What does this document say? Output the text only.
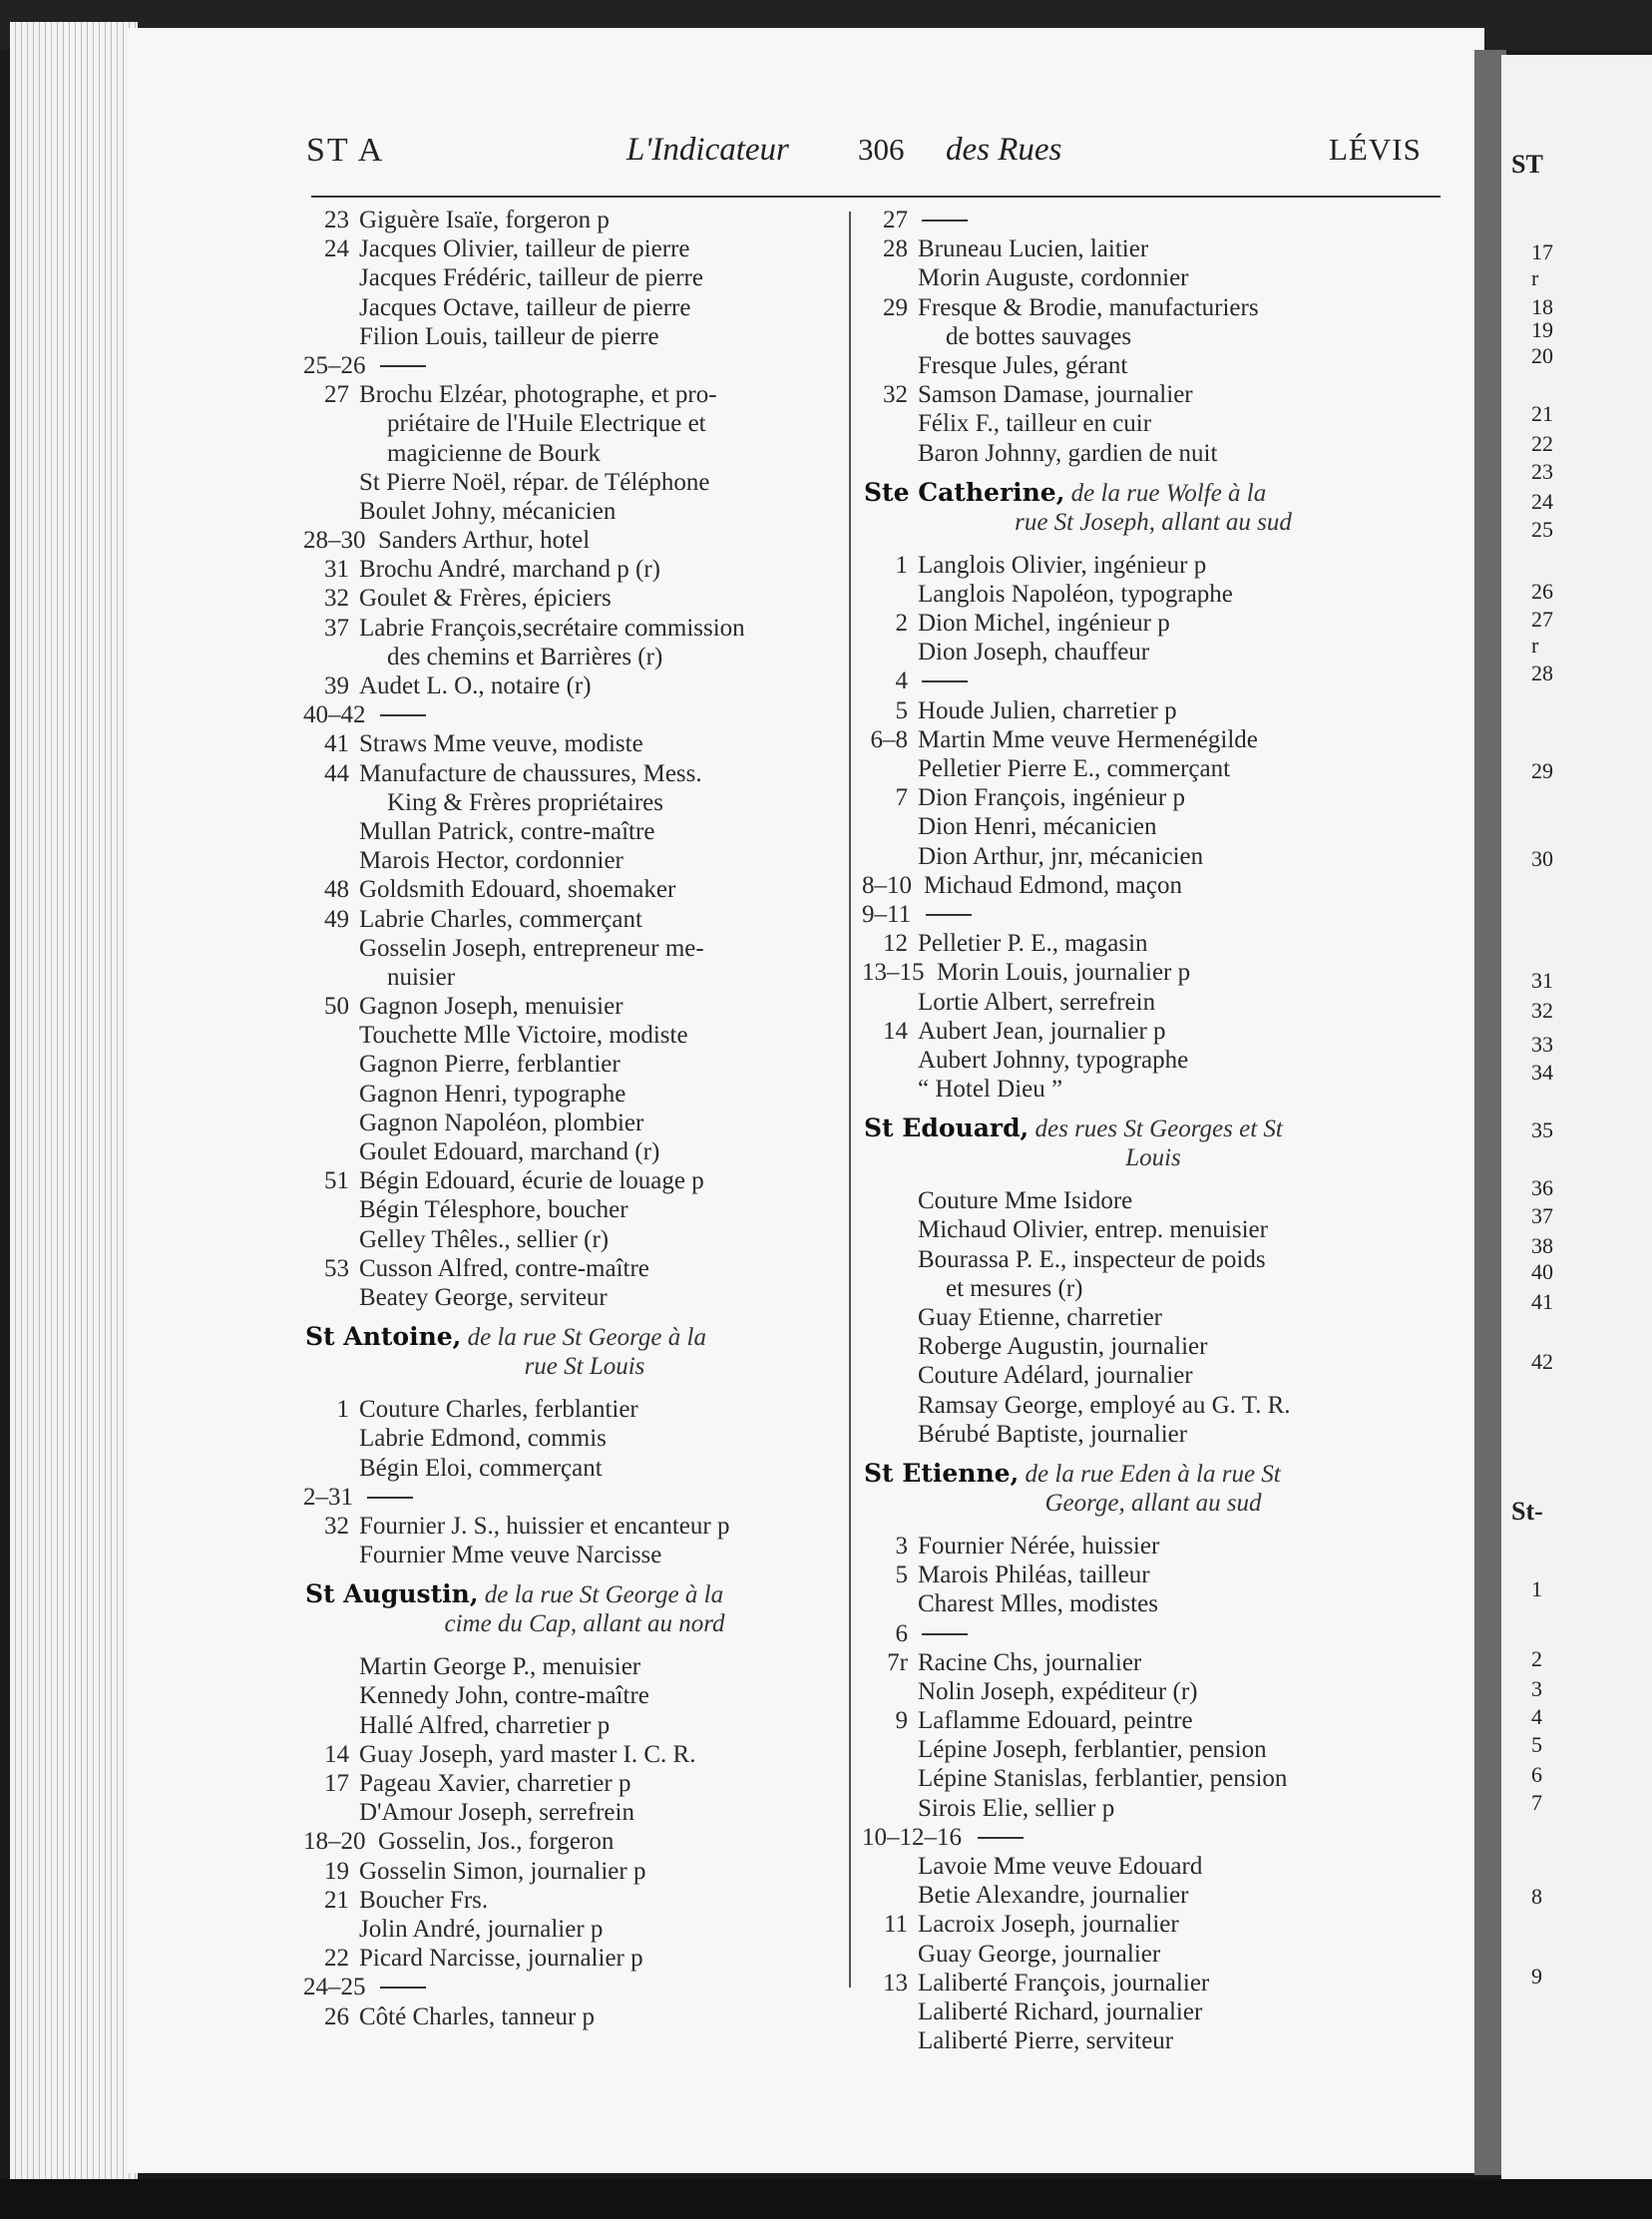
ST
17
r
18
19
20
21
22
23
24
25
26
27
r
28
29
30
31
32
33
34
35
36
37
38
40
41
42
St-
1
2
3
4
5
6
7
8
9
ST A	L'Indicateur 306 des Rues	LÉVIS
23 Giguère Isaïe, forgeron p
24 Jacques Olivier, tailleur de pierre
Jacques Frédéric, tailleur de pierre
Jacques Octave, tailleur de pierre
Filion Louis, tailleur de pierre
25–26
27 Brochu Elzéar, photographe, et pro-
priétaire de l'Huile Electrique et
magicienne de Bourk
St Pierre Noël, répar. de Téléphone
Boulet Johny, mécanicien
28–30 Sanders Arthur, hotel
31 Brochu André, marchand p (r)
32 Goulet & Frères, épiciers
37 Labrie François,secrétaire commission
des chemins et Barrières (r)
39 Audet L. O., notaire (r)
40–42
41 Straws Mme veuve, modiste
44 Manufacture de chaussures, Mess.
King & Frères propriétaires
Mullan Patrick, contre-maître
Marois Hector, cordonnier
48 Goldsmith Edouard, shoemaker
49 Labrie Charles, commerçant
Gosselin Joseph, entrepreneur me-
nuisier
50 Gagnon Joseph, menuisier
Touchette Mlle Victoire, modiste
Gagnon Pierre, ferblantier
Gagnon Henri, typographe
Gagnon Napoléon, plombier
Goulet Edouard, marchand (r)
51 Bégin Edouard, écurie de louage p
Bégin Télesphore, boucher
Gelley Thêles., sellier (r)
53 Cusson Alfred, contre-maître
Beatey George, serviteur
St Antoine, de la rue St George à la
rue St Louis
1 Couture Charles, ferblantier
Labrie Edmond, commis
Bégin Eloi, commerçant
2–31
32 Fournier J. S., huissier et encanteur p
Fournier Mme veuve Narcisse
St Augustin, de la rue St George à la
cime du Cap, allant au nord
Martin George P., menuisier
Kennedy John, contre-maître
Hallé Alfred, charretier p
14 Guay Joseph, yard master I. C. R.
17 Pageau Xavier, charretier p
D'Amour Joseph, serrefrein
18–20 Gosselin, Jos., forgeron
19 Gosselin Simon, journalier p
21 Boucher Frs.
Jolin André, journalier p
22 Picard Narcisse, journalier p
24–25
26 Côté Charles, tanneur p
27
28 Bruneau Lucien, laitier
Morin Auguste, cordonnier
29 Fresque & Brodie, manufacturiers
de bottes sauvages
Fresque Jules, gérant
32 Samson Damase, journalier
Félix F., tailleur en cuir
Baron Johnny, gardien de nuit
Ste Catherine, de la rue Wolfe à la
rue St Joseph, allant au sud
1 Langlois Olivier, ingénieur p
Langlois Napoléon, typographe
2 Dion Michel, ingénieur p
Dion Joseph, chauffeur
4
5 Houde Julien, charretier p
6–8 Martin Mme veuve Hermenégilde
Pelletier Pierre E., commerçant
7 Dion François, ingénieur p
Dion Henri, mécanicien
Dion Arthur, jnr, mécanicien
8–10 Michaud Edmond, maçon
9–11
12 Pelletier P. E., magasin
13–15 Morin Louis, journalier p
Lortie Albert, serrefrein
14 Aubert Jean, journalier p
Aubert Johnny, typographe
“ Hotel Dieu ”
St Edouard, des rues St Georges et St
Louis
Couture Mme Isidore
Michaud Olivier, entrep. menuisier
Bourassa P. E., inspecteur de poids
et mesures (r)
Guay Etienne, charretier
Roberge Augustin, journalier
Couture Adélard, journalier
Ramsay George, employé au G. T. R.
Bérubé Baptiste, journalier
St Etienne, de la rue Eden à la rue St
George, allant au sud
3 Fournier Nérée, huissier
5 Marois Philéas, tailleur
Charest Mlles, modistes
6
7r Racine Chs, journalier
Nolin Joseph, expéditeur (r)
9 Laflamme Edouard, peintre
Lépine Joseph, ferblantier, pension
Lépine Stanislas, ferblantier, pension
Sirois Elie, sellier p
10–12–16
Lavoie Mme veuve Edouard
Betie Alexandre, journalier
11 Lacroix Joseph, journalier
Guay George, journalier
13 Laliberté François, journalier
Laliberté Richard, journalier
Laliberté Pierre, serviteur
